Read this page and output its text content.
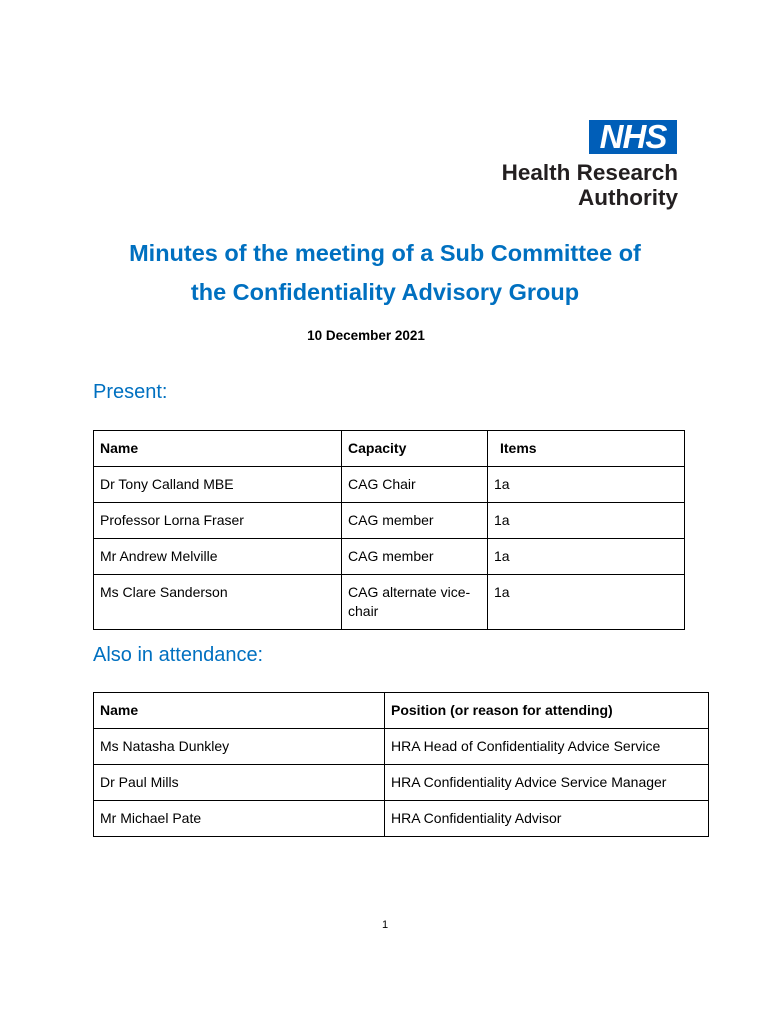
NHS
Health Research
Authority
Minutes of the meeting of a Sub Committee of
the Confidentiality Advisory Group
10 December 2021
Present:
Name	Capacity	Items
Dr Tony Calland MBE	CAG Chair	1a
Professor Lorna Fraser	CAG member	1a
Mr Andrew Melville	CAG member	1a
Ms Clare Sanderson	CAG alternate vice-chair	1a
Also in attendance:
Name	Position (or reason for attending)
Ms Natasha Dunkley	HRA Head of Confidentiality Advice Service
Dr Paul Mills	HRA Confidentiality Advice Service Manager
Mr Michael Pate	HRA Confidentiality Advisor
1
